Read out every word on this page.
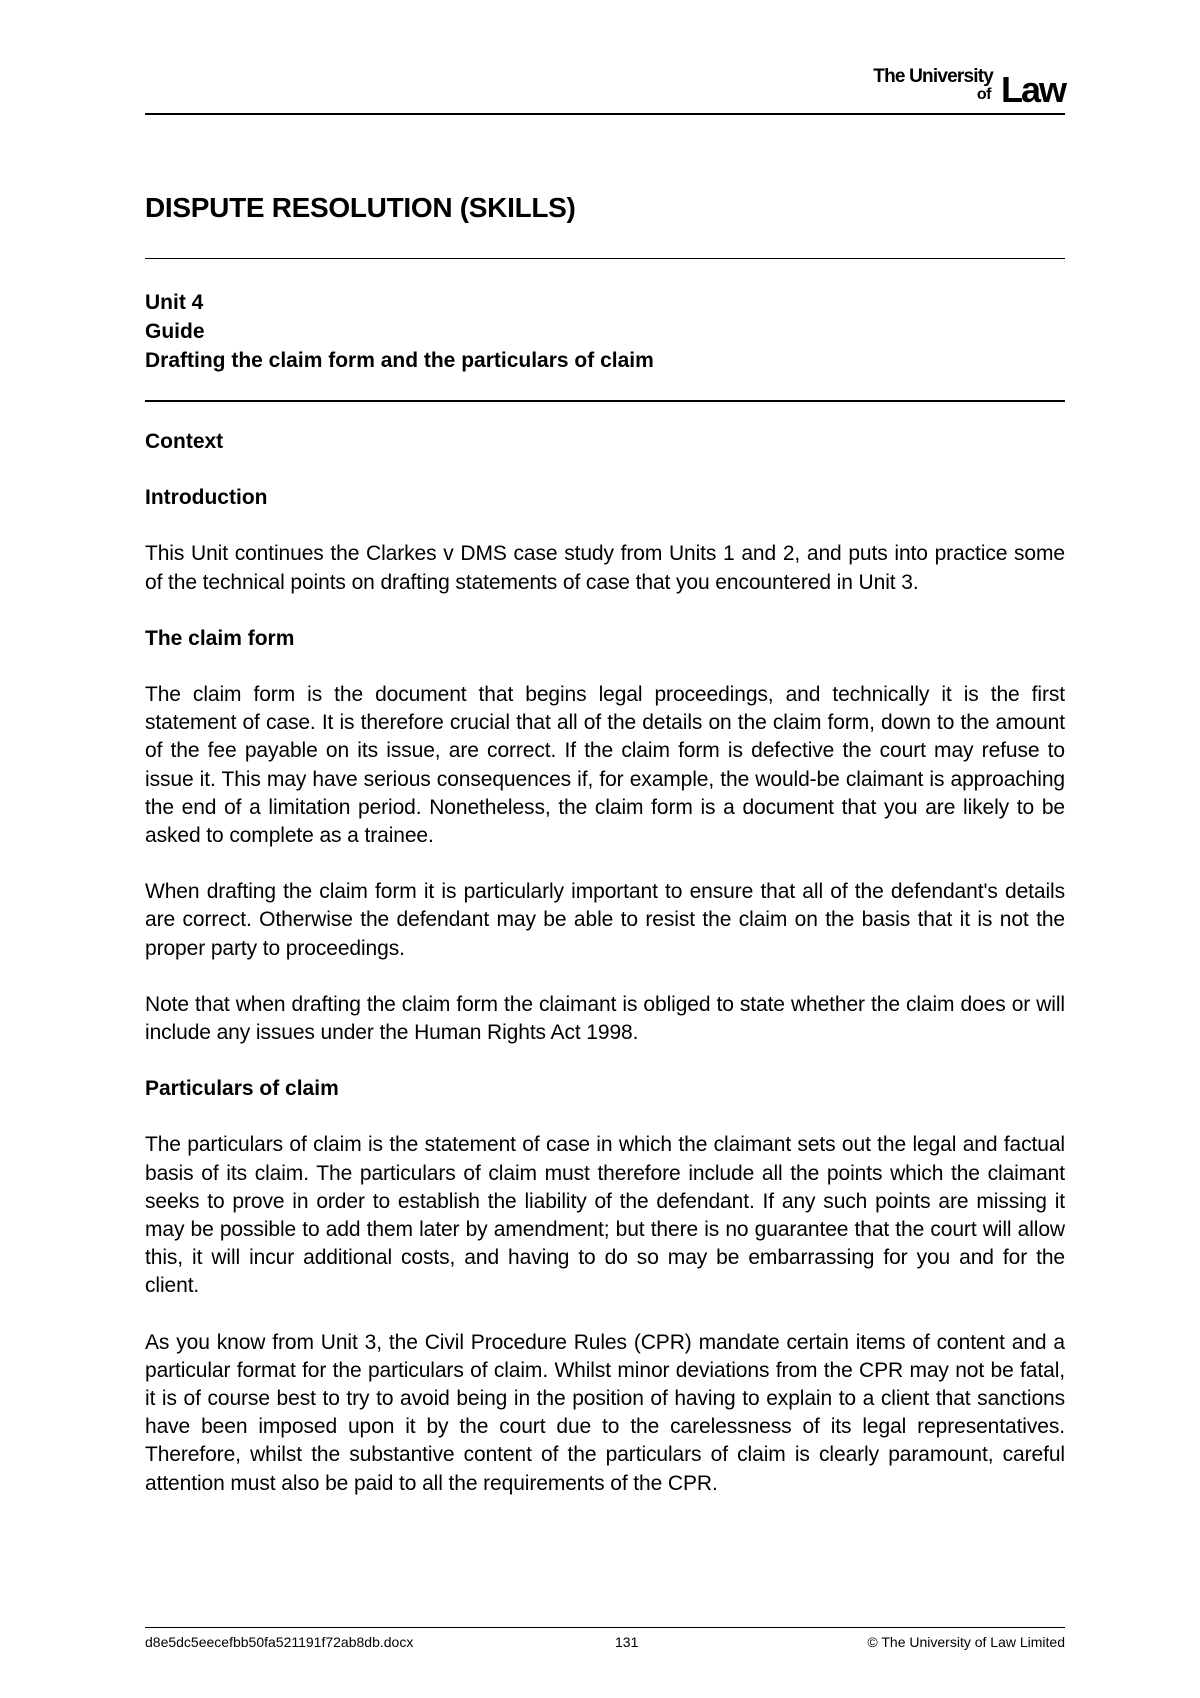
The University
of Law
DISPUTE RESOLUTION (SKILLS)
Unit 4
Guide
Drafting the claim form and the particulars of claim
Context
Introduction
This Unit continues the Clarkes v DMS case study from Units 1 and 2, and puts into practice some of the technical points on drafting statements of case that you encountered in Unit 3.
The claim form
The claim form is the document that begins legal proceedings, and technically it is the first statement of case. It is therefore crucial that all of the details on the claim form, down to the amount of the fee payable on its issue, are correct. If the claim form is defective the court may refuse to issue it. This may have serious consequences if, for example, the would-be claimant is approaching the end of a limitation period. Nonetheless, the claim form is a document that you are likely to be asked to complete as a trainee.
When drafting the claim form it is particularly important to ensure that all of the defendant's details are correct. Otherwise the defendant may be able to resist the claim on the basis that it is not the proper party to proceedings.
Note that when drafting the claim form the claimant is obliged to state whether the claim does or will include any issues under the Human Rights Act 1998.
Particulars of claim
The particulars of claim is the statement of case in which the claimant sets out the legal and factual basis of its claim. The particulars of claim must therefore include all the points which the claimant seeks to prove in order to establish the liability of the defendant. If any such points are missing it may be possible to add them later by amendment; but there is no guarantee that the court will allow this, it will incur additional costs, and having to do so may be embarrassing for you and for the client.
As you know from Unit 3, the Civil Procedure Rules (CPR) mandate certain items of content and a particular format for the particulars of claim. Whilst minor deviations from the CPR may not be fatal, it is of course best to try to avoid being in the position of having to explain to a client that sanctions have been imposed upon it by the court due to the carelessness of its legal representatives. Therefore, whilst the substantive content of the particulars of claim is clearly paramount, careful attention must also be paid to all the requirements of the CPR.
d8e5dc5eecefbb50fa521191f72ab8db.docx	131	© The University of Law Limited
